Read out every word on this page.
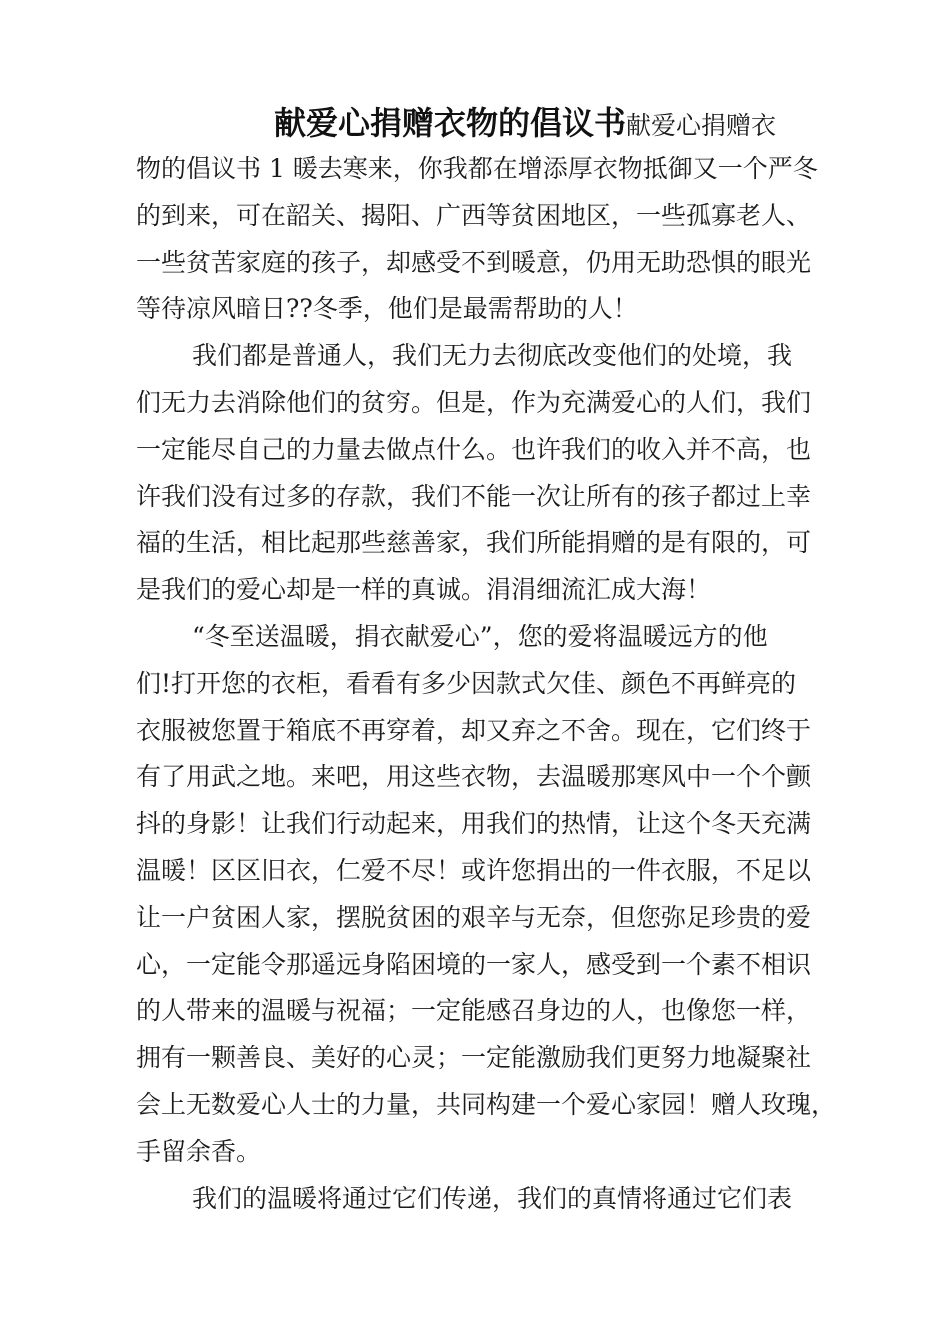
献爱心捐赠衣物的倡议书献爱心捐赠衣
物的倡议书 1 暖去寒来，你我都在增添厚衣物抵御又一个严冬
的到来，可在韶关、揭阳、广西等贫困地区，一些孤寡老人、
一些贫苦家庭的孩子，却感受不到暖意，仍用无助恐惧的眼光
等待凉风暗日??冬季，他们是最需帮助的人！
我们都是普通人，我们无力去彻底改变他们的处境，我
们无力去消除他们的贫穷。但是，作为充满爱心的人们，我们
一定能尽自己的力量去做点什么。也许我们的收入并不高，也
许我们没有过多的存款，我们不能一次让所有的孩子都过上幸
福的生活，相比起那些慈善家，我们所能捐赠的是有限的，可
是我们的爱心却是一样的真诚。涓涓细流汇成大海！
“冬至送温暖，捐衣献爱心”，您的爱将温暖远方的他
们!打开您的衣柜，看看有多少因款式欠佳、颜色不再鲜亮的
衣服被您置于箱底不再穿着，却又弃之不舍。现在，它们终于
有了用武之地。来吧，用这些衣物，去温暖那寒风中一个个颤
抖的身影！让我们行动起来，用我们的热情，让这个冬天充满
温暖！区区旧衣，仁爱不尽！或许您捐出的一件衣服，不足以
让一户贫困人家，摆脱贫困的艰辛与无奈，但您弥足珍贵的爱
心，一定能令那遥远身陷困境的一家人，感受到一个素不相识
的人带来的温暖与祝福；一定能感召身边的人，也像您一样，
拥有一颗善良、美好的心灵；一定能激励我们更努力地凝聚社
会上无数爱心人士的力量，共同构建一个爱心家园！赠人玫瑰，
手留余香。
我们的温暖将通过它们传递，我们的真情将通过它们表
